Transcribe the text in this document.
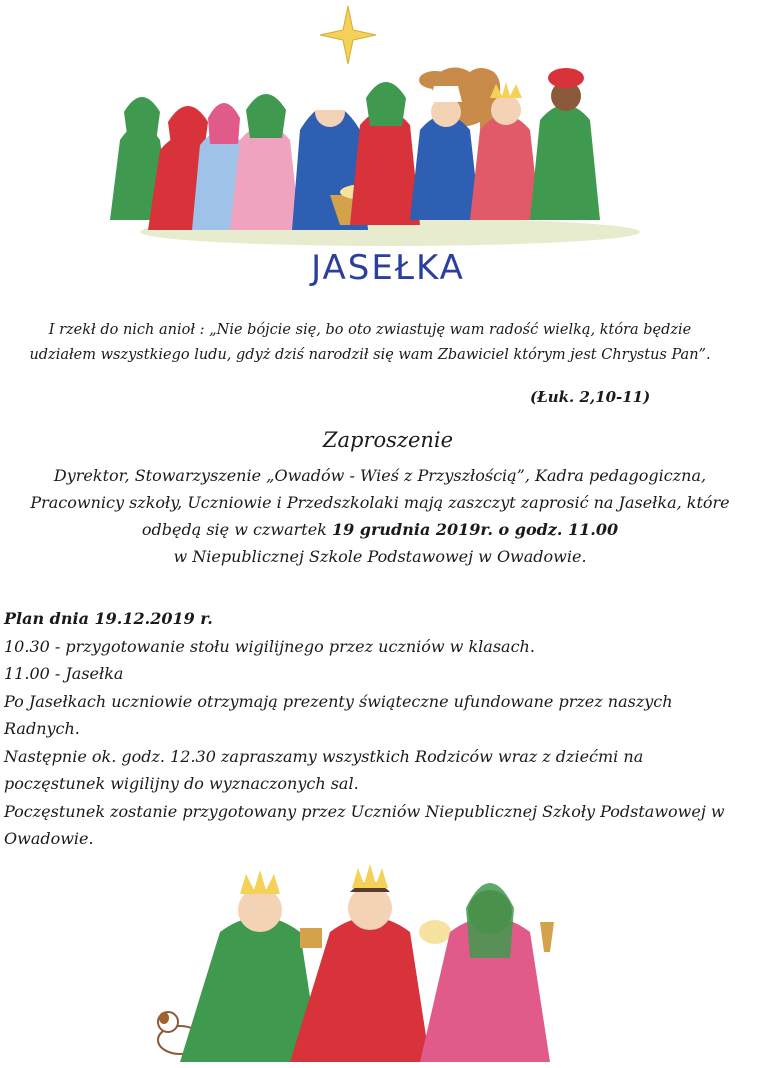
JASEŁKA
I rzekł do nich anioł : „Nie bójcie się, bo oto zwiastuję wam radość wielką, która będzie udziałem wszystkiego ludu, gdyż dziś narodził się wam Zbawiciel którym jest Chrystus Pan”.
(Łuk. 2,10-11)
Zaproszenie
Dyrektor, Stowarzyszenie „Owadów - Wieś z Przyszłością”, Kadra pedagogiczna, Pracownicy szkoły, Uczniowie i Przedszkolaki mają zaszczyt zaprosić na Jasełka, które odbędą się w czwartek 19 grudnia 2019r. o godz. 11.00
w Niepublicznej Szkole Podstawowej w Owadowie.

Plan dnia 19.12.2019 r.

10.30 - przygotowanie stołu wigilijnego przez uczniów w klasach.

11.00 - Jasełka

Po Jasełkach uczniowie otrzymają prezenty świąteczne ufundowane przez naszych Radnych.

Następnie ok. godz. 12.30 zapraszamy wszystkich Rodziców wraz z dziećmi na poczęstunek wigilijny do wyznaczonych sal.

Poczęstunek zostanie przygotowany przez Uczniów Niepublicznej Szkoły Podstawowej w Owadowie.
